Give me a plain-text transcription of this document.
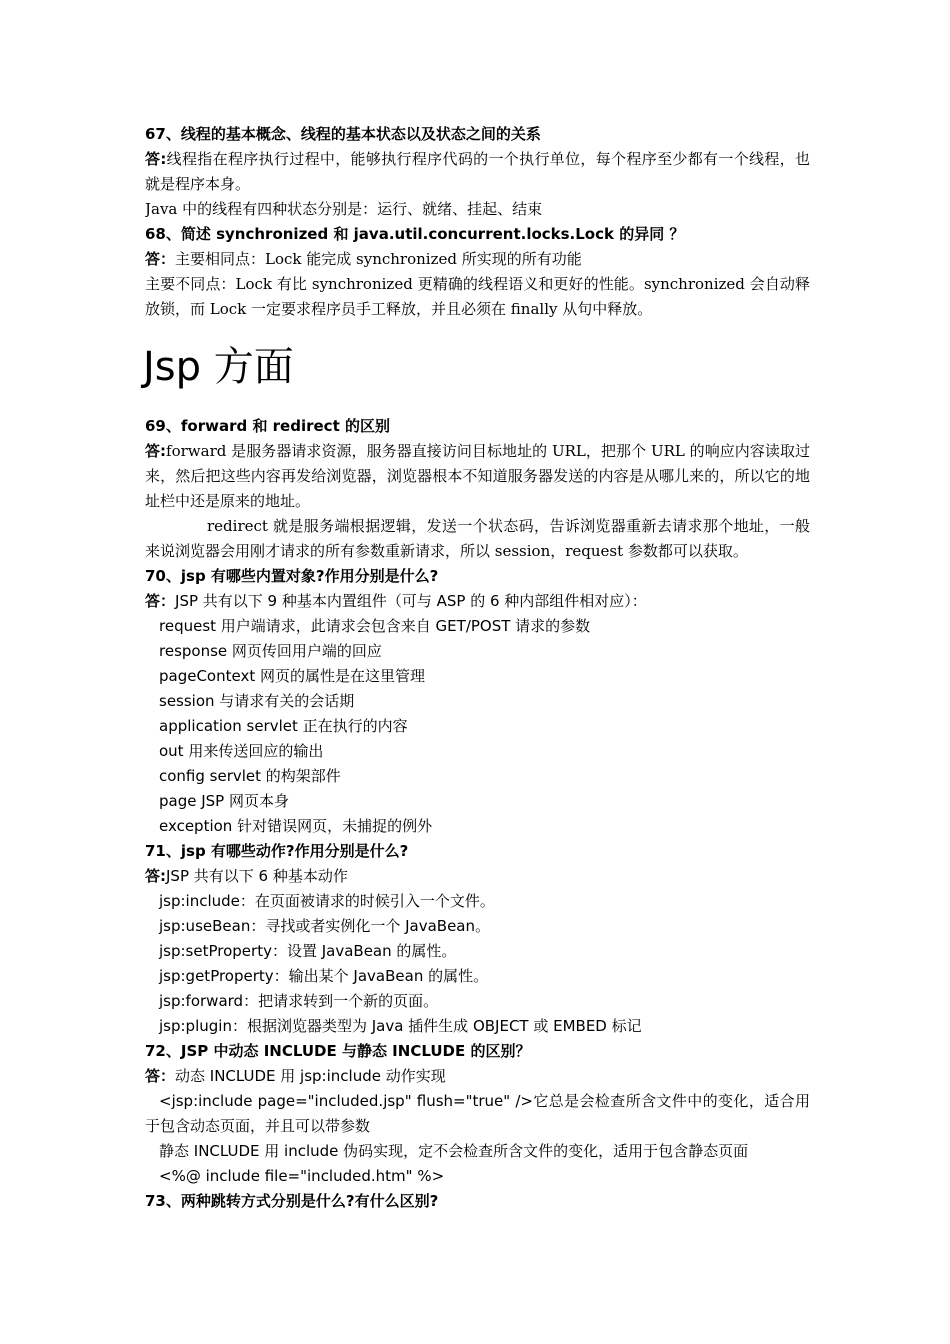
67、线程的基本概念、线程的基本状态以及状态之间的关系
答:线程指在程序执行过程中，能够执行程序代码的一个执行单位，每个程序至少都有一个线程，也就是程序本身。
Java 中的线程有四种状态分别是：运行、就绪、挂起、结束
68、简述 synchronized 和 java.util.concurrent.locks.Lock 的异同 ？
答：主要相同点：Lock 能完成 synchronized 所实现的所有功能
主要不同点：Lock 有比 synchronized 更精确的线程语义和更好的性能。synchronized 会自动释放锁，而 Lock 一定要求程序员手工释放，并且必须在 finally 从句中释放。
Jsp 方面
69、forward 和 redirect 的区别
答:forward 是服务器请求资源，服务器直接访问目标地址的 URL，把那个 URL 的响应内容读取过来，然后把这些内容再发给浏览器，浏览器根本不知道服务器发送的内容是从哪儿来的，所以它的地址栏中还是原来的地址。
redirect 就是服务端根据逻辑，发送一个状态码，告诉浏览器重新去请求那个地址，一般来说浏览器会用刚才请求的所有参数重新请求，所以 session，request 参数都可以获取。
70、jsp 有哪些内置对象?作用分别是什么?
答：JSP 共有以下 9 种基本内置组件（可与 ASP 的 6 种内部组件相对应）：
request 用户端请求，此请求会包含来自 GET/POST 请求的参数
response 网页传回用户端的回应
pageContext 网页的属性是在这里管理
session 与请求有关的会话期
application servlet 正在执行的内容
out 用来传送回应的输出
config servlet 的构架部件
page JSP 网页本身
exception 针对错误网页，未捕捉的例外
71、jsp 有哪些动作?作用分别是什么?
答:JSP 共有以下 6 种基本动作
jsp:include：在页面被请求的时候引入一个文件。
jsp:useBean：寻找或者实例化一个 JavaBean。
jsp:setProperty：设置 JavaBean 的属性。
jsp:getProperty：输出某个 JavaBean 的属性。
jsp:forward：把请求转到一个新的页面。
jsp:plugin：根据浏览器类型为 Java 插件生成 OBJECT 或 EMBED 标记
72、JSP 中动态 INCLUDE 与静态 INCLUDE 的区别？
答：动态 INCLUDE 用 jsp:include 动作实现
<jsp:include page="included.jsp" flush="true" />它总是会检查所含文件中的变化，适合用于包含动态页面，并且可以带参数
静态 INCLUDE 用 include 伪码实现，定不会检查所含文件的变化，适用于包含静态页面
<%@ include file="included.htm" %>
73、两种跳转方式分别是什么?有什么区别?
